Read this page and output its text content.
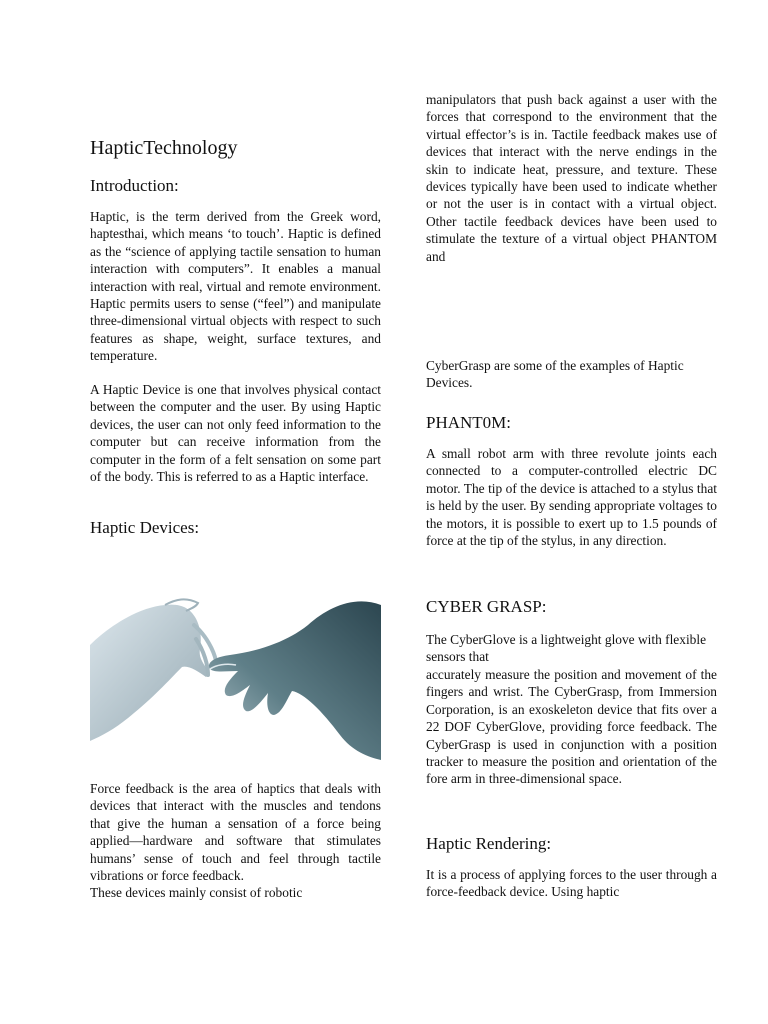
HapticTechnology
Introduction:
Haptic, is the term derived from the Greek word, haptesthai, which means ‘to touch’. Haptic is defined as the “science of applying tactile sensation to human interaction with computers”. It enables a manual interaction with real, virtual and remote environment. Haptic permits users to sense (“feel”) and manipulate three-dimensional virtual objects with respect to such features as shape, weight, surface textures, and temperature.
A Haptic Device is one that involves physical contact between the computer and the user. By using Haptic devices, the user can not only feed information to the computer but can receive information from the computer in the form of a felt sensation on some part of the body. This is referred to as a Haptic interface.
Haptic Devices:
Force feedback is the area of haptics that deals with devices that interact with the muscles and tendons that give the human a sensation of a force being applied—hardware and software that stimulates humans’ sense of touch and feel through tactile vibrations or force feedback.
These devices mainly consist of robotic
manipulators that push back against a user with the forces that correspond to the environment that the virtual effector’s is in. Tactile feedback makes use of devices that interact with the nerve endings in the skin to indicate heat, pressure, and texture. These devices typically have been used to indicate whether or not the user is in contact with a virtual object. Other tactile feedback devices have been used to stimulate the texture of a virtual object PHANTOM and
CyberGrasp are some of the examples of Haptic Devices.
PHANT0M:
A small robot arm with three revolute joints each connected to a computer-controlled electric DC motor. The tip of the device is attached to a stylus that is held by the user. By sending appropriate voltages to the motors, it is possible to exert up to 1.5 pounds of force at the tip of the stylus, in any direction.
CYBER GRASP:
The CyberGlove is a lightweight glove with flexible sensors that
accurately measure the position and movement of the fingers and wrist. The CyberGrasp, from Immersion Corporation, is an exoskeleton device that fits over a 22 DOF CyberGlove, providing force feedback. The CyberGrasp is used in conjunction with a position tracker to measure the position and orientation of the fore arm in three-dimensional space.
Haptic Rendering:
It is a process of applying forces to the user through a force-feedback device. Using haptic
